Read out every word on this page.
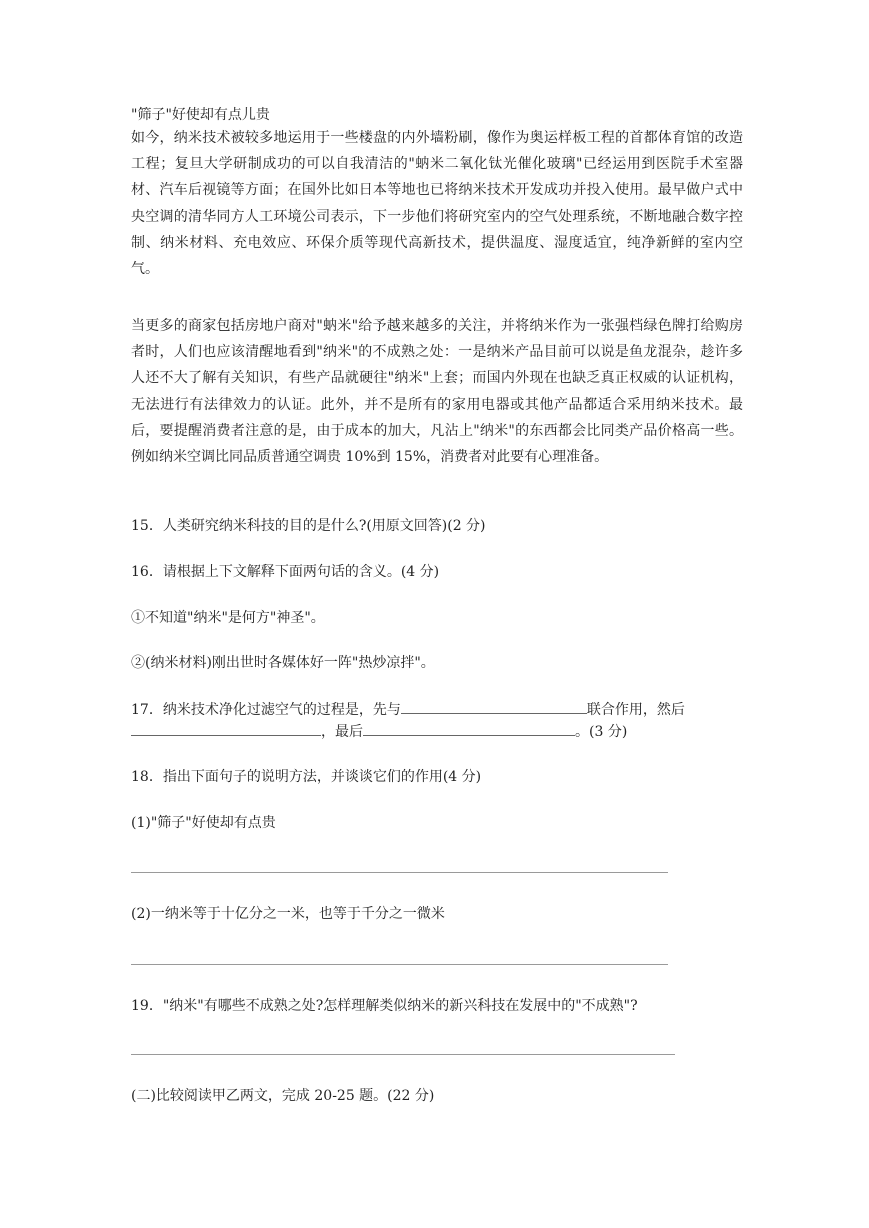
"筛子"好使却有点儿贵

如今，纳米技术被较多地运用于一些楼盘的内外墙粉刷，像作为奥运样板工程的首都体育馆的改造工程；复旦大学研制成功的可以自我清洁的"蚋米二氧化钛光催化玻璃"已经运用到医院手术室器材、汽车后视镜等方面；在国外比如日本等地也已将纳米技术开发成功并投入使用。最早做户式中央空调的清华同方人工环境公司表示，下一步他们将研究室内的空气处理系统，不断地融合数字控制、纳米材料、充电效应、环保介质等现代高新技术，提供温度、湿度适宜，纯净新鲜的室内空气。

当更多的商家包括房地户商对"蚋米"给予越来越多的关注，并将纳米作为一张强档绿色牌打给购房者时，人们也应该清醒地看到"纳米"的不成熟之处：一是纳米产品目前可以说是鱼龙混杂，趁许多人还不大了解有关知识，有些产品就硬往"纳米"上套；而国内外现在也缺乏真正权威的认证机构，无法进行有法律效力的认证。此外，并不是所有的家用电器或其他产品都适合采用纳米技术。最后，要提醒消费者注意的是，由于成本的加大，凡沾上"纳米"的东西都会比同类产品价格高一些。例如纳米空调比同品质普通空调贵 10%到 15%，消费者对此要有心理准备。

15．人类研究纳米科技的目的是什么?(用原文回答)(2 分)
16．请根据上下文解释下面两句话的含义。(4 分)
①不知道"纳米"是何方"神圣"。
②(纳米材料)刚出世时各媒体好一阵"热炒凉拌"。
17．纳米技术净化过滤空气的过程是，先与	联合作用，然后
，最后	。(3 分)
18．指出下面句子的说明方法，并谈谈它们的作用(4 分)
(1)"筛子"好使却有点贵
(2)一纳米等于十亿分之一米，也等于千分之一微米
19．"纳米"有哪些不成熟之处?怎样理解类似纳米的新兴科技在发展中的"不成熟"?
(二)比较阅读甲乙两文，完成 20-25 题。(22 分)
